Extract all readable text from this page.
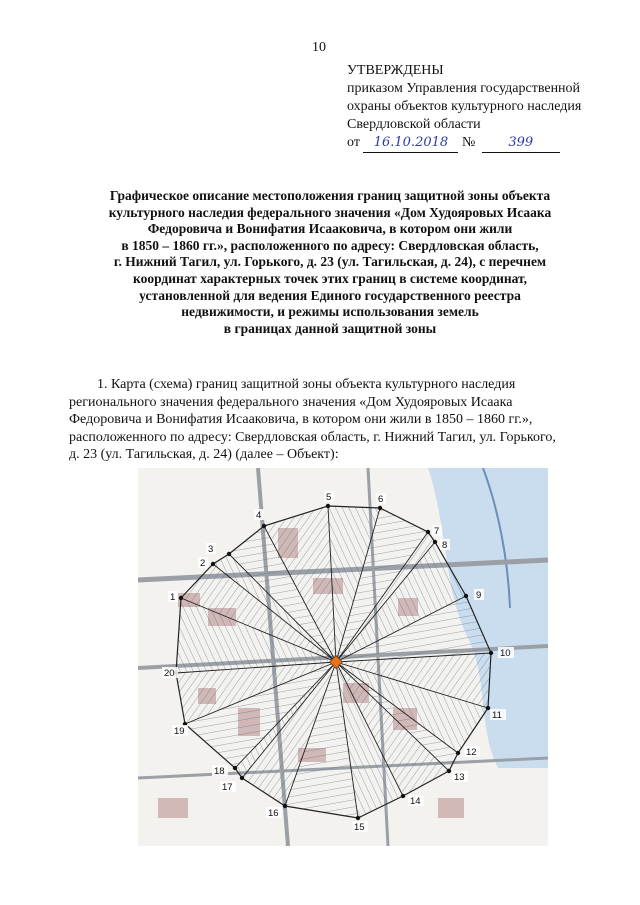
10
УТВЕРЖДЕНЫ
приказом Управления государственной
охраны объектов культурного наследия
Свердловской области
от 16.10.2018 №	399
Графическое описание местоположения границ защитной зоны объекта
культурного наследия федерального значения «Дом Худояровых Исаака
Федоровича и Вонифатия Исааковича, в котором они жили
в 1850 – 1860 гг.», расположенного по адресу: Свердловская область,
г. Нижний Тагил, ул. Горького, д. 23 (ул. Тагильская, д. 24), с перечнем
координат характерных точек этих границ в системе координат,
установленной для ведения Единого государственного реестра
недвижимости, и режимы использования земель
в границах данной защитной зоны
1. Карта (схема) границ защитной зоны объекта культурного наследия
регионального значения федерального значения «Дом Худояровых Исаака
Федоровича и Вонифатия Исааковича, в котором они жили в 1850 – 1860 гг.»,
расположенного по адресу: Свердловская область, г. Нижний Тагил, ул. Горького,
д. 23 (ул. Тагильская, д. 24) (далее – Объект):
1
2
3
4
5	6
7
8
9
10
11
12
13
14
15
16
17
18
19
20
